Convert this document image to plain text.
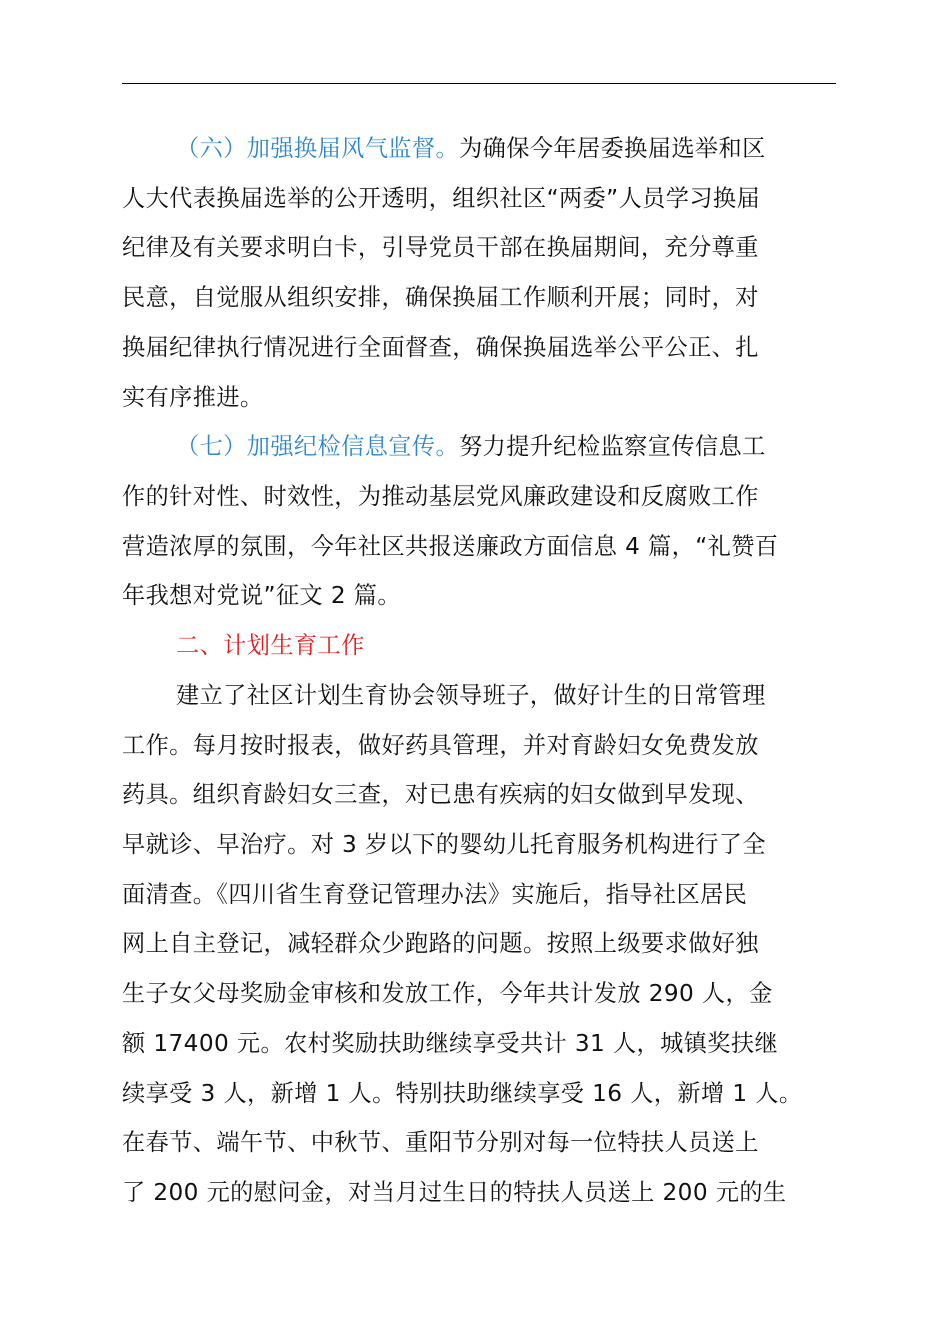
（六）加强换届风气监督。为确保今年居委换届选举和区
人大代表换届选举的公开透明，组织社区“两委”人员学习换届
纪律及有关要求明白卡，引导党员干部在换届期间，充分尊重
民意，自觉服从组织安排，确保换届工作顺利开展；同时，对
换届纪律执行情况进行全面督查，确保换届选举公平公正、扎
实有序推进。
（七）加强纪检信息宣传。努力提升纪检监察宣传信息工
作的针对性、时效性，为推动基层党风廉政建设和反腐败工作
营造浓厚的氛围，今年社区共报送廉政方面信息 4 篇，“礼赞百
年我想对党说”征文 2 篇。
二、计划生育工作
建立了社区计划生育协会领导班子，做好计生的日常管理
工作。每月按时报表，做好药具管理，并对育龄妇女免费发放
药具。组织育龄妇女三查，对已患有疾病的妇女做到早发现、
早就诊、早治疗。对 3 岁以下的婴幼儿托育服务机构进行了全
面清查。《四川省生育登记管理办法》实施后，指导社区居民
网上自主登记，减轻群众少跑路的问题。按照上级要求做好独
生子女父母奖励金审核和发放工作，今年共计发放 290 人，金
额 17400 元。农村奖励扶助继续享受共计 31 人，城镇奖扶继
续享受 3 人，新增 1 人。特别扶助继续享受 16 人，新增 1 人。
在春节、端午节、中秋节、重阳节分别对每一位特扶人员送上
了 200 元的慰问金，对当月过生日的特扶人员送上 200 元的生
